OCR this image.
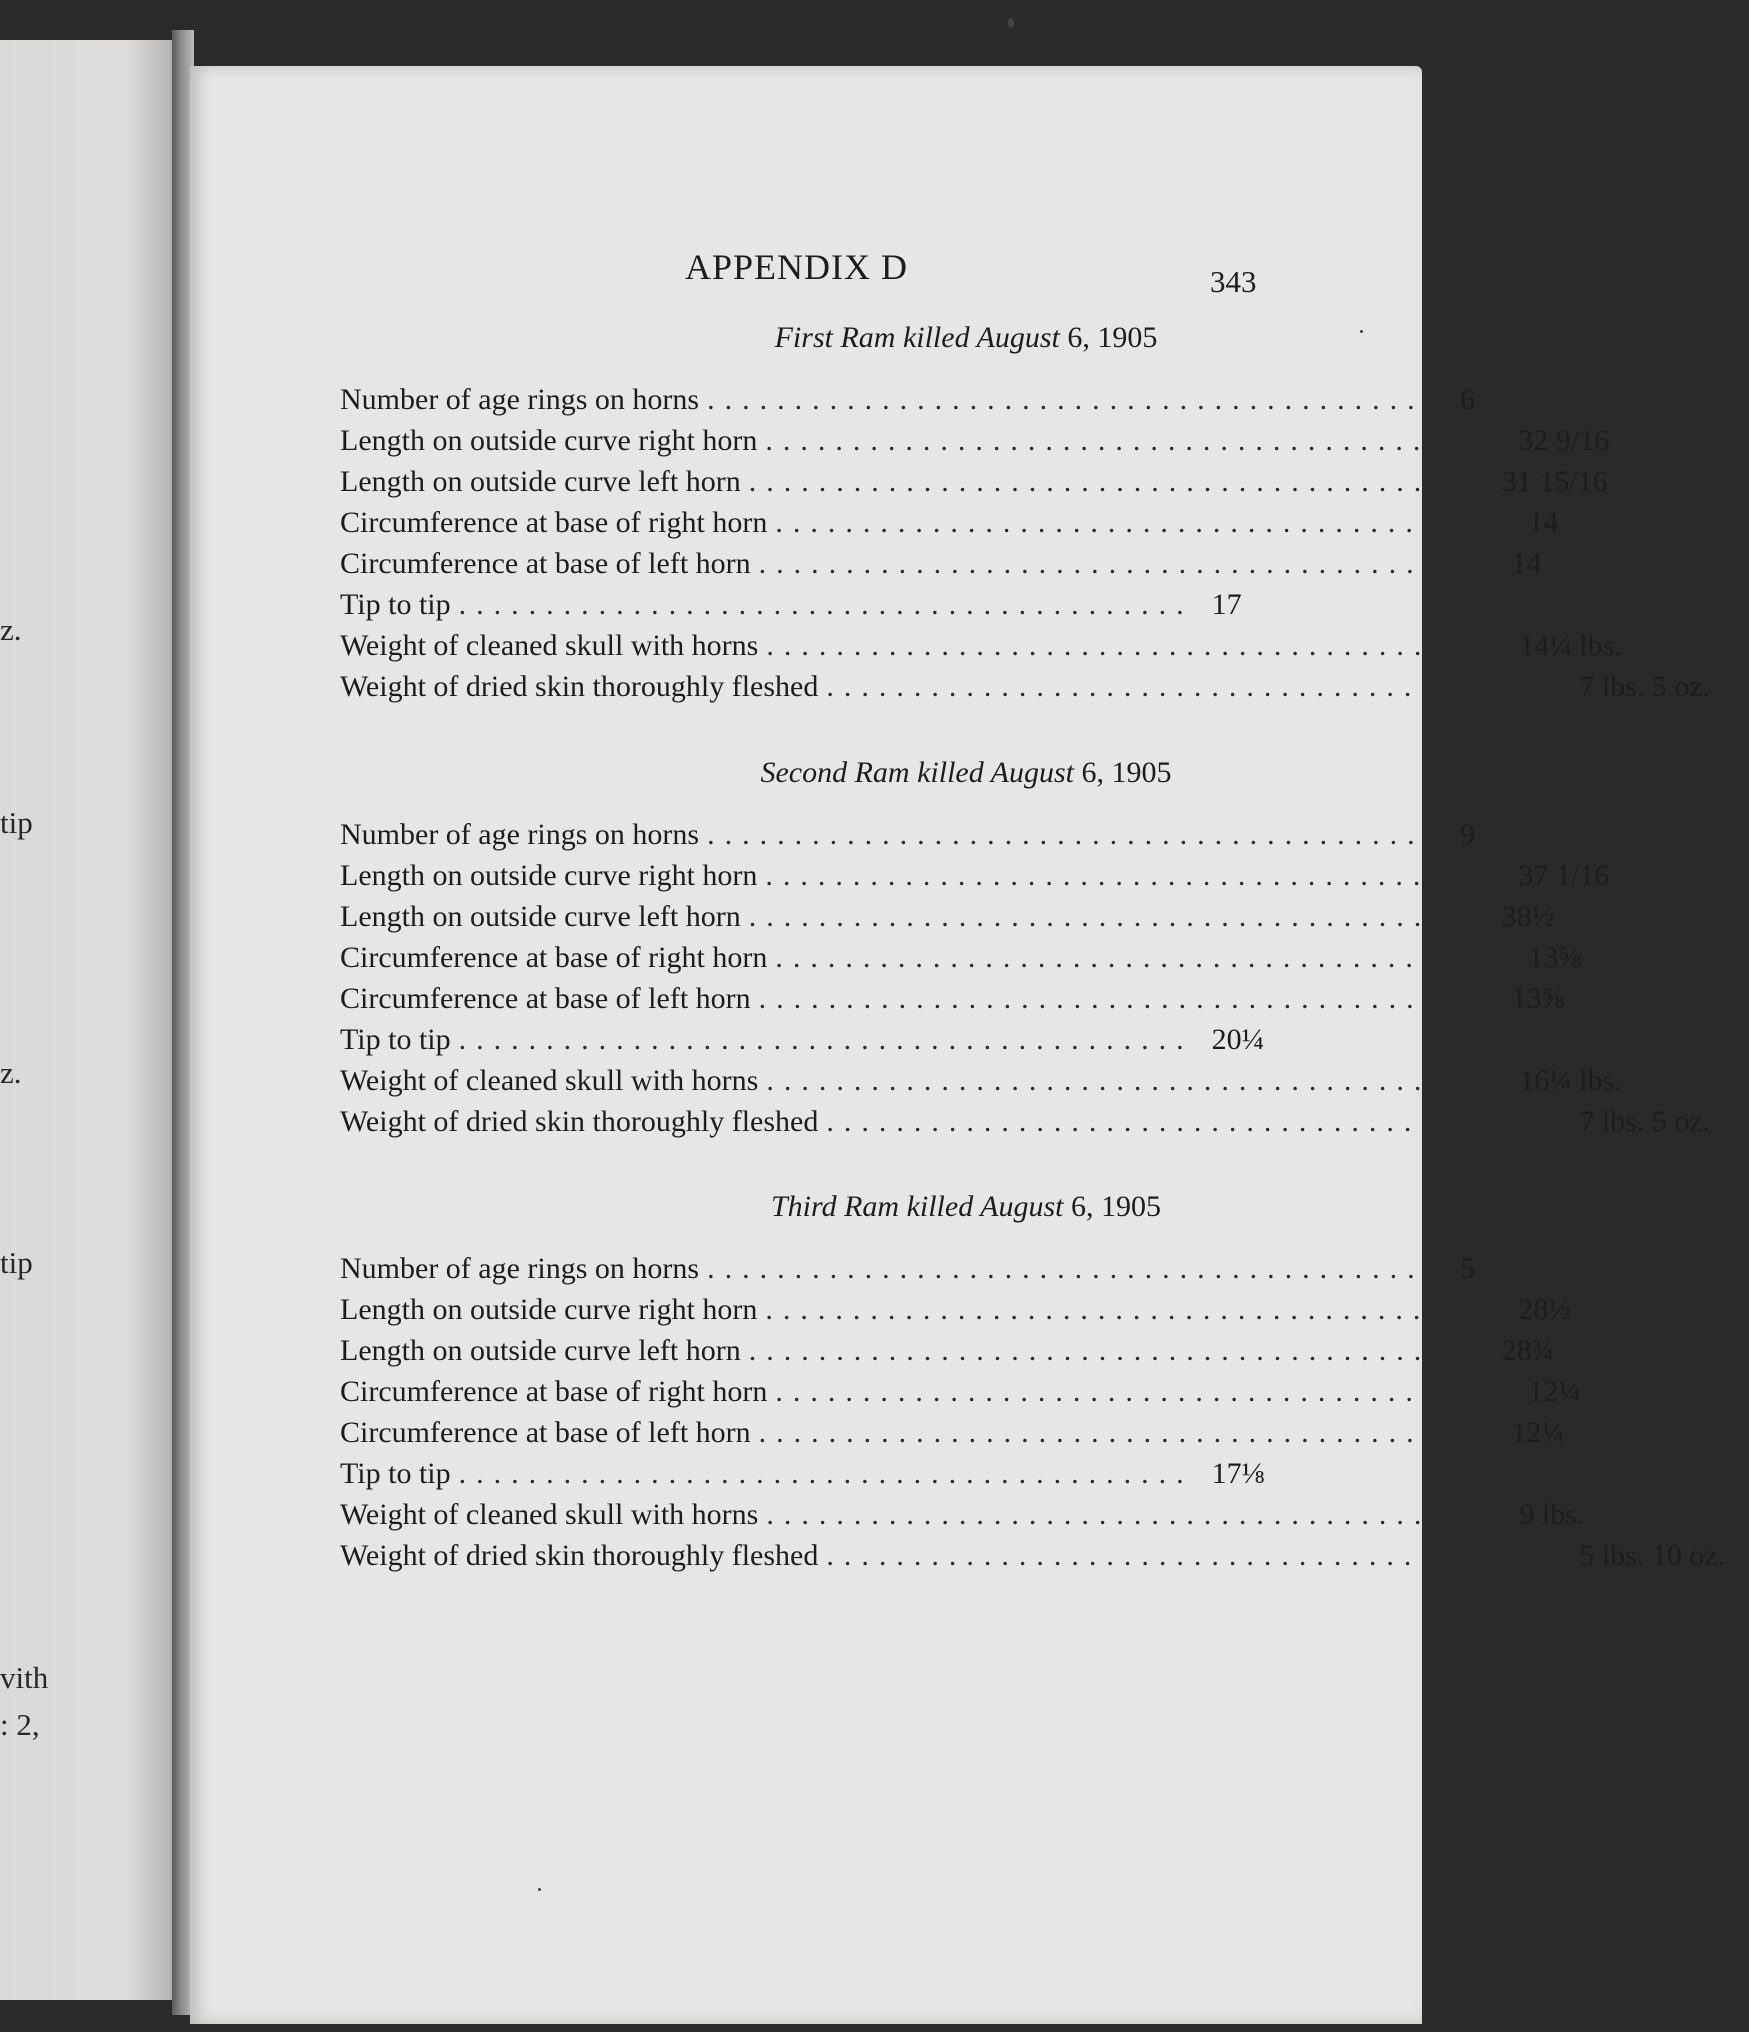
z.
tip
z.
tip
vith
: 2,
APPENDIX D	343
First Ram killed August 6, 1905
Number of age rings on horns .......................................... 6
Length on outside curve right horn .......................................... 32 9/16
Length on outside curve left horn .......................................... 31 15/16
Circumference at base of right horn .......................................... 14
Circumference at base of left horn .......................................... 14
Tip to tip .......................................... 17
Weight of cleaned skull with horns .......................................... 14¼ lbs.
Weight of dried skin thoroughly fleshed .......................................... 7 lbs. 5 oz.
Second Ram killed August 6, 1905
Number of age rings on horns .......................................... 9
Length on outside curve right horn .......................................... 37 1/16
Length on outside curve left horn .......................................... 38½
Circumference at base of right horn .......................................... 13⅝
Circumference at base of left horn .......................................... 13⅝
Tip to tip .......................................... 20¼
Weight of cleaned skull with horns .......................................... 16¼ lbs.
Weight of dried skin thoroughly fleshed .......................................... 7 lbs. 5 oz.
Third Ram killed August 6, 1905
Number of age rings on horns .......................................... 5
Length on outside curve right horn .......................................... 28½
Length on outside curve left horn .......................................... 28¾
Circumference at base of right horn .......................................... 12¼
Circumference at base of left horn .......................................... 12¼
Tip to tip .......................................... 17⅛
Weight of cleaned skull with horns .......................................... 9 lbs.
Weight of dried skin thoroughly fleshed .......................................... 5 lbs. 10 oz.
